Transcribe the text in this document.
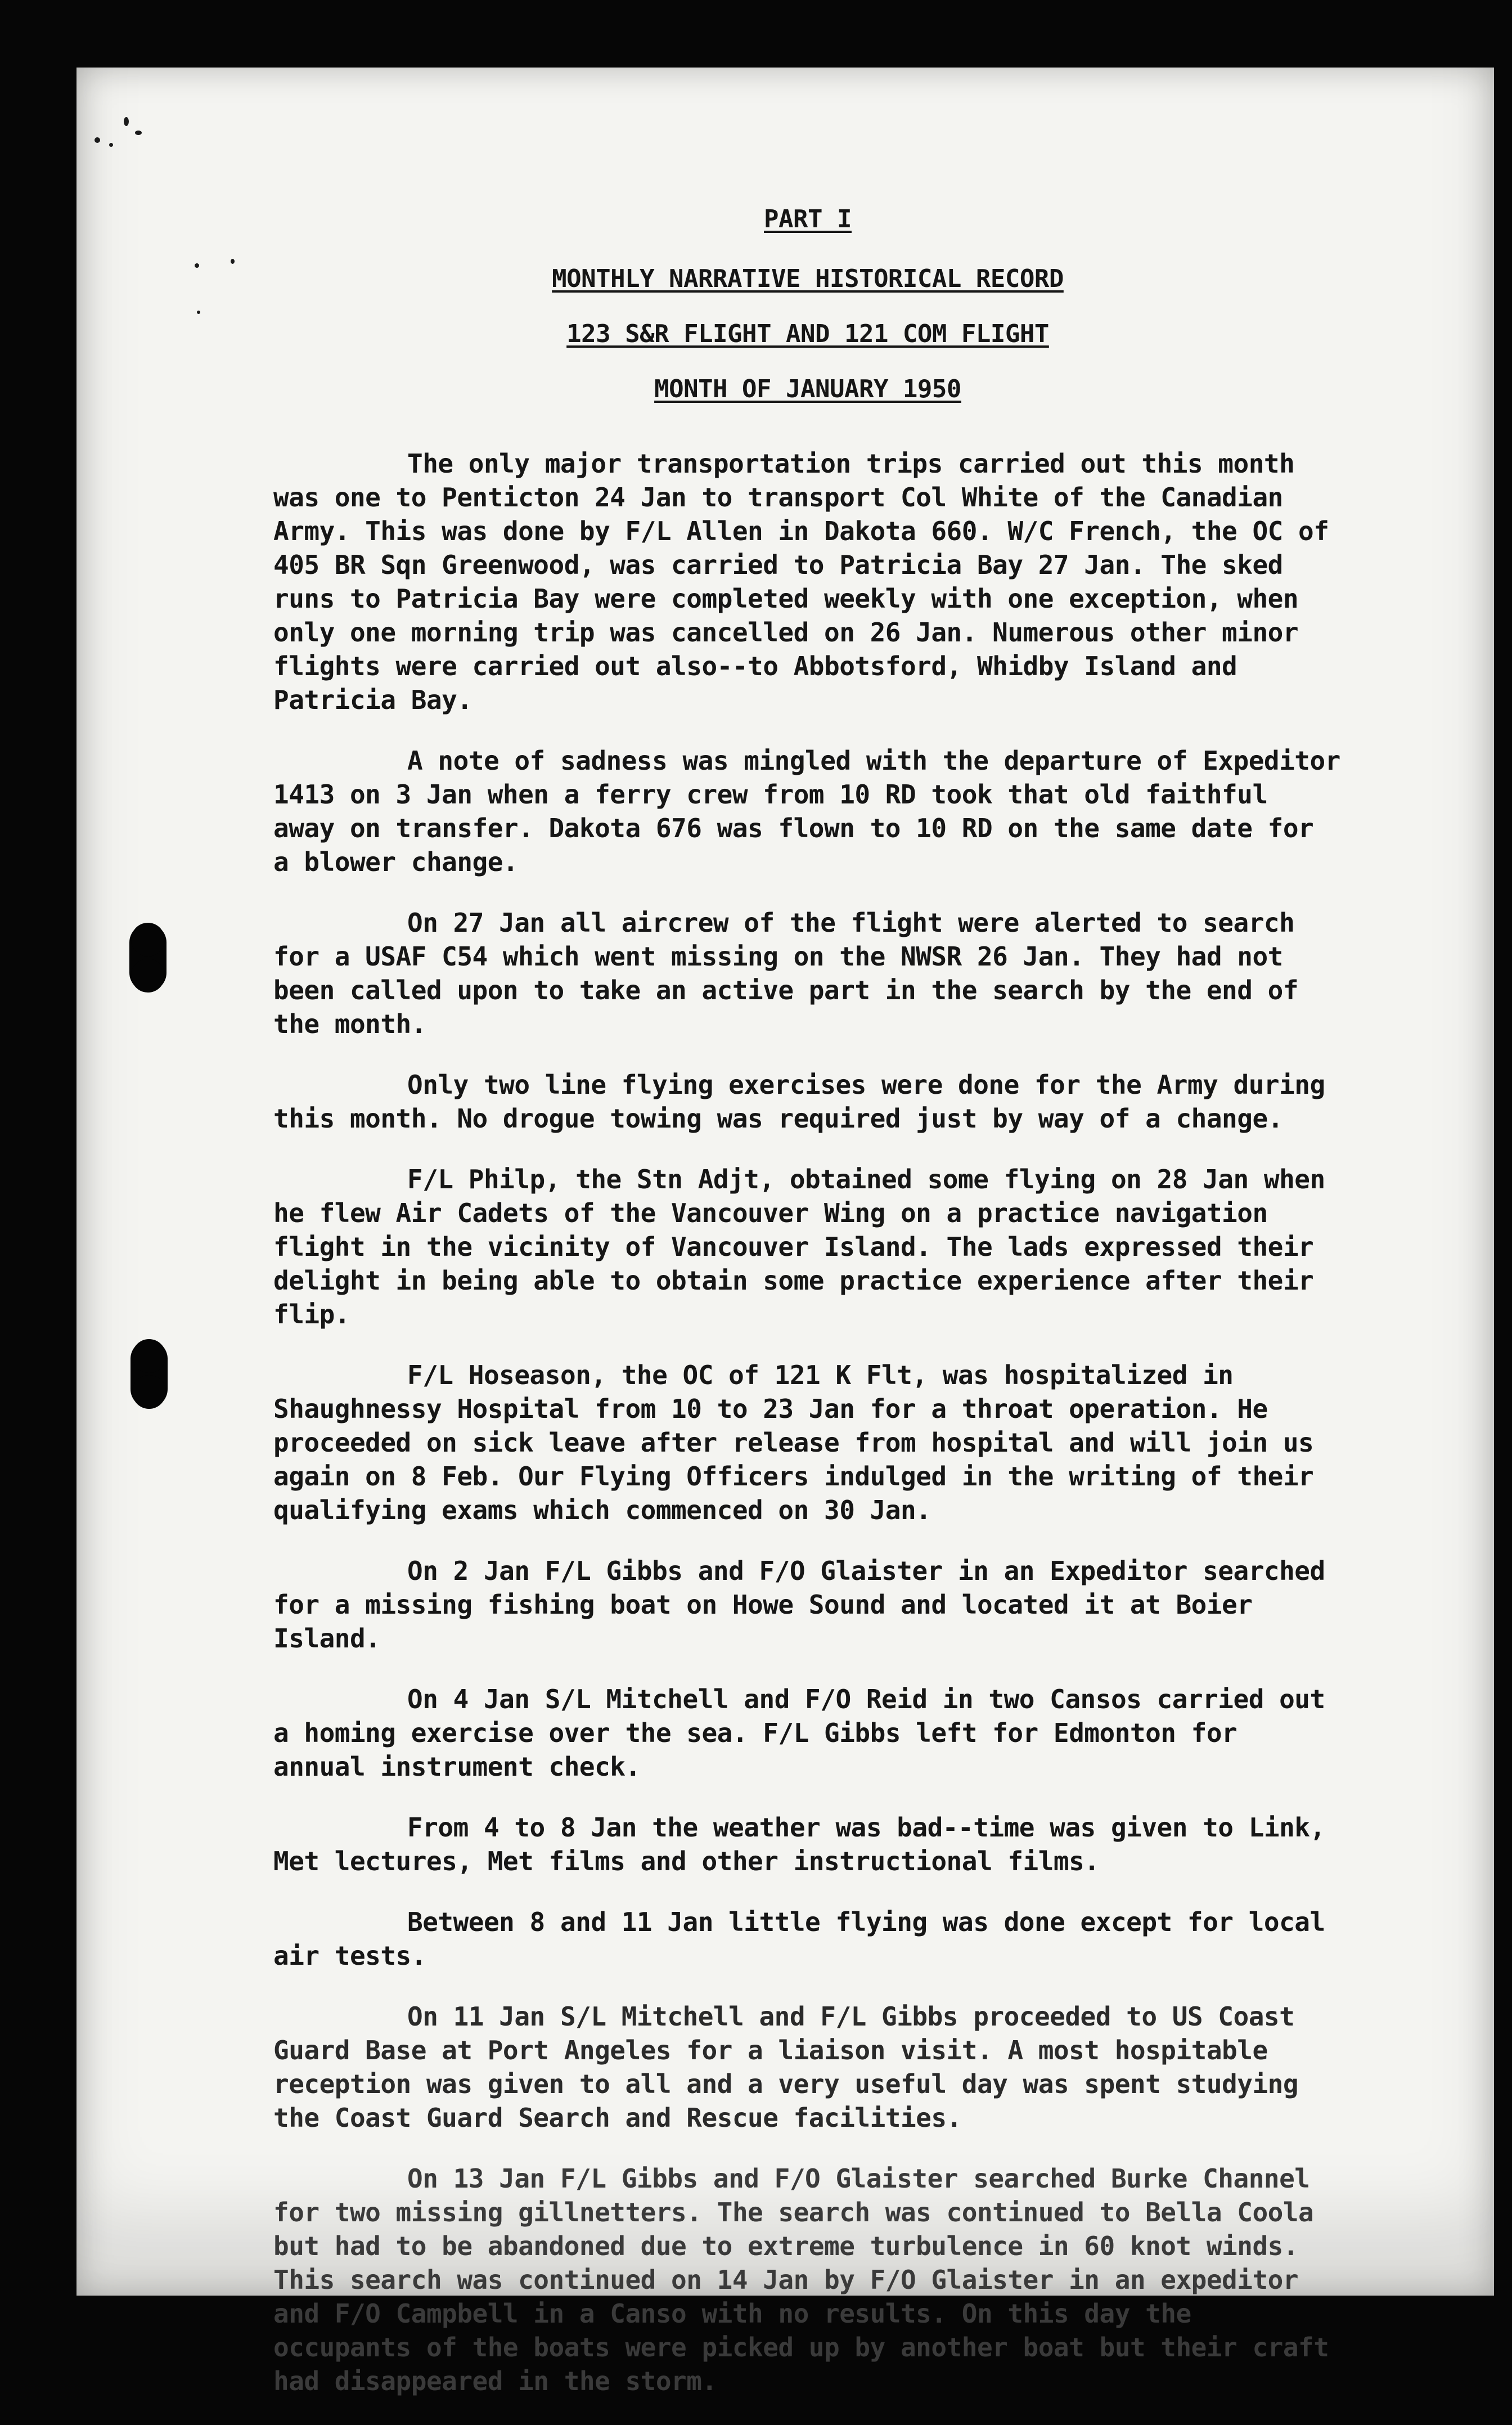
PART I
MONTHLY NARRATIVE HISTORICAL RECORD
123 S&R FLIGHT AND 121 COM FLIGHT
MONTH OF JANUARY 1950

The only major transportation trips carried out this month was one to Penticton 24 Jan to transport Col White of the Canadian Army. This was done by F/L Allen in Dakota 660. W/C French, the OC of 405 BR Sqn Greenwood, was carried to Patricia Bay 27 Jan. The sked runs to Patricia Bay were completed weekly with one exception, when only one morning trip was cancelled on 26 Jan. Numerous other minor flights were carried out also--to Abbotsford, Whidby Island and Patricia Bay.

A note of sadness was mingled with the departure of Expeditor 1413 on 3 Jan when a ferry crew from 10 RD took that old faithful away on transfer. Dakota 676 was flown to 10 RD on the same date for a blower change.

On 27 Jan all aircrew of the flight were alerted to search for a USAF C54 which went missing on the NWSR 26 Jan. They had not been called upon to take an active part in the search by the end of the month.

Only two line flying exercises were done for the Army during this month. No drogue towing was required just by way of a change.

F/L Philp, the Stn Adjt, obtained some flying on 28 Jan when he flew Air Cadets of the Vancouver Wing on a practice navigation flight in the vicinity of Vancouver Island. The lads expressed their delight in being able to obtain some practice experience after their flip.

F/L Hoseason, the OC of 121 K Flt, was hospitalized in Shaughnessy Hospital from 10 to 23 Jan for a throat operation. He proceeded on sick leave after release from hospital and will join us again on 8 Feb. Our Flying Officers indulged in the writing of their qualifying exams which commenced on 30 Jan.

On 2 Jan F/L Gibbs and F/O Glaister in an Expeditor searched for a missing fishing boat on Howe Sound and located it at Boier Island.

On 4 Jan S/L Mitchell and F/O Reid in two Cansos carried out a homing exercise over the sea. F/L Gibbs left for Edmonton for annual instrument check.

From 4 to 8 Jan the weather was bad--time was given to Link, Met lectures, Met films and other instructional films.

Between 8 and 11 Jan little flying was done except for local air tests.

On 11 Jan S/L Mitchell and F/L Gibbs proceeded to US Coast Guard Base at Port Angeles for a liaison visit. A most hospitable reception was given to all and a very useful day was spent studying the Coast Guard Search and Rescue facilities.

On 13 Jan F/L Gibbs and F/O Glaister searched Burke Channel for two missing gillnetters. The search was continued to Bella Coola but had to be abandoned due to extreme turbulence in 60 knot winds. This search was continued on 14 Jan by F/O Glaister in an expeditor and F/O Campbell in a Canso with no results. On this day the occupants of the boats were picked up by another boat but their craft had disappeared in the storm.
